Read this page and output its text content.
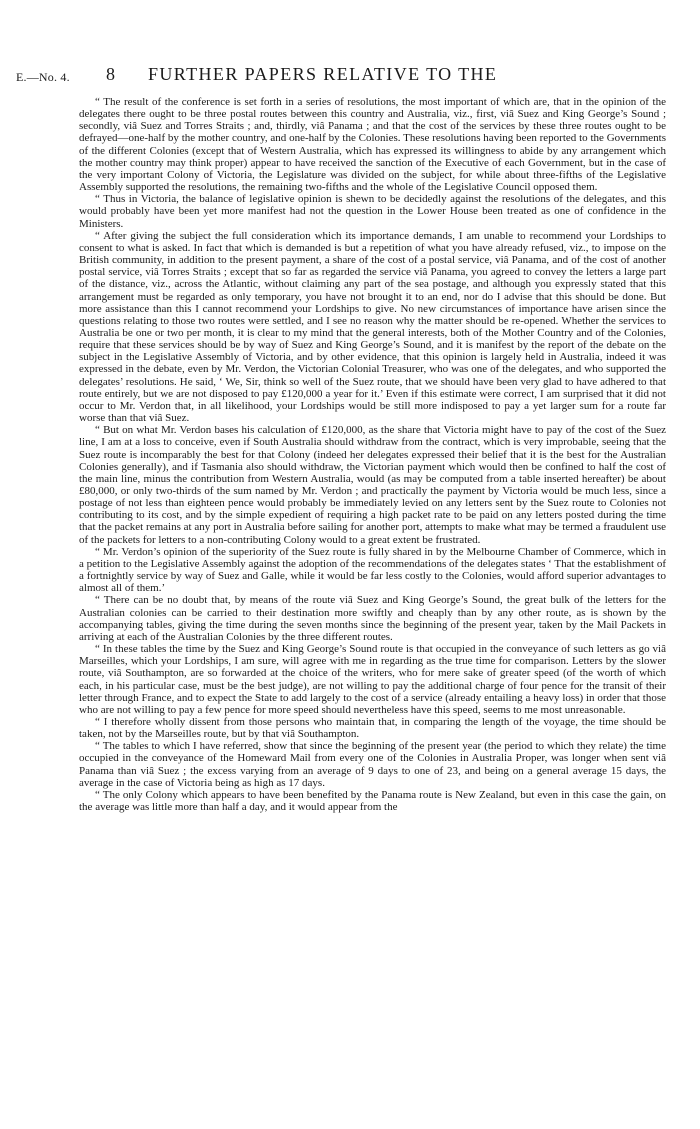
E.—No. 4. 8 FURTHER PAPERS RELATIVE TO THE

“ The result of the conference is set forth in a series of resolutions, the most important of which are, that in the opinion of the delegates there ought to be three postal routes between this country and Australia, viz., first, viâ Suez and King George’s Sound ; secondly, viâ Suez and Torres Straits ; and, thirdly, viâ Panama ; and that the cost of the services by these three routes ought to be defrayed—one-half by the mother country, and one-half by the Colonies. These resolutions having been reported to the Governments of the different Colonies (except that of Western Australia, which has expressed its willingness to abide by any arrangement which the mother country may think proper) appear to have received the sanction of the Executive of each Government, but in the case of the very important Colony of Victoria, the Legislature was divided on the subject, for while about three-fifths of the Legislative Assembly supported the resolutions, the remaining two-fifths and the whole of the Legislative Council opposed them.

“ Thus in Victoria, the balance of legislative opinion is shewn to be decidedly against the resolutions of the delegates, and this would probably have been yet more manifest had not the question in the Lower House been treated as one of confidence in the Ministers.

“ After giving the subject the full consideration which its importance demands, I am unable to recommend your Lordships to consent to what is asked. In fact that which is demanded is but a repetition of what you have already refused, viz., to impose on the British community, in addition to the present payment, a share of the cost of a postal service, viâ Panama, and of the cost of another postal service, viâ Torres Straits ; except that so far as regarded the service viâ Panama, you agreed to convey the letters a large part of the distance, viz., across the Atlantic, without claiming any part of the sea postage, and although you expressly stated that this arrangement must be regarded as only temporary, you have not brought it to an end, nor do I advise that this should be done. But more assistance than this I cannot recommend your Lordships to give. No new circumstances of importance have arisen since the questions relating to those two routes were settled, and I see no reason why the matter should be re-opened. Whether the services to Australia be one or two per month, it is clear to my mind that the general interests, both of the Mother Country and of the Colonies, require that these services should be by way of Suez and King George’s Sound, and it is manifest by the report of the debate on the subject in the Legislative Assembly of Victoria, and by other evidence, that this opinion is largely held in Australia, indeed it was expressed in the debate, even by Mr. Verdon, the Victorian Colonial Treasurer, who was one of the delegates, and who supported the delegates’ resolutions. He said, ‘ We, Sir, think so well of the Suez route, that we should have been very glad to have adhered to that route entirely, but we are not disposed to pay £120,000 a year for it.’ Even if this estimate were correct, I am surprised that it did not occur to Mr. Verdon that, in all likelihood, your Lordships would be still more indisposed to pay a yet larger sum for a route far worse than that viâ Suez.

“ But on what Mr. Verdon bases his calculation of £120,000, as the share that Victoria might have to pay of the cost of the Suez line, I am at a loss to conceive, even if South Australia should withdraw from the contract, which is very improbable, seeing that the Suez route is incomparably the best for that Colony (indeed her delegates expressed their belief that it is the best for the Australian Colonies generally), and if Tasmania also should withdraw, the Victorian payment which would then be confined to half the cost of the main line, minus the contribution from Western Australia, would (as may be computed from a table inserted hereafter) be about £80,000, or only two-thirds of the sum named by Mr. Verdon ; and practically the payment by Victoria would be much less, since a postage of not less than eighteen pence would probably be immediately levied on any letters sent by the Suez route to Colonies not contributing to its cost, and by the simple expedient of requiring a high packet rate to be paid on any letters posted during the time that the packet remains at any port in Australia before sailing for another port, attempts to make what may be termed a fraudulent use of the packets for letters to a non-contributing Colony would to a great extent be frustrated.

“ Mr. Verdon’s opinion of the superiority of the Suez route is fully shared in by the Melbourne Chamber of Commerce, which in a petition to the Legislative Assembly against the adoption of the recommendations of the delegates states ‘ That the establishment of a fortnightly service by way of Suez and Galle, while it would be far less costly to the Colonies, would afford superior advantages to almost all of them.’

“ There can be no doubt that, by means of the route viâ Suez and King George’s Sound, the great bulk of the letters for the Australian colonies can be carried to their destination more swiftly and cheaply than by any other route, as is shown by the accompanying tables, giving the time during the seven months since the beginning of the present year, taken by the Mail Packets in arriving at each of the Australian Colonies by the three different routes.

“ In these tables the time by the Suez and King George’s Sound route is that occupied in the conveyance of such letters as go viâ Marseilles, which your Lordships, I am sure, will agree with me in regarding as the true time for comparison. Letters by the slower route, viâ Southampton, are so forwarded at the choice of the writers, who for mere sake of greater speed (of the worth of which each, in his particular case, must be the best judge), are not willing to pay the additional charge of four pence for the transit of their letter through France, and to expect the State to add largely to the cost of a service (already entailing a heavy loss) in order that those who are not willing to pay a few pence for more speed should nevertheless have this speed, seems to me most unreasonable.

“ I therefore wholly dissent from those persons who maintain that, in comparing the length of the voyage, the time should be taken, not by the Marseilles route, but by that viâ Southampton.

“ The tables to which I have referred, show that since the beginning of the present year (the period to which they relate) the time occupied in the conveyance of the Homeward Mail from every one of the Colonies in Australia Proper, was longer when sent viâ Panama than viâ Suez ; the excess varying from an average of 9 days to one of 23, and being on a general average 15 days, the average in the case of Victoria being as high as 17 days.

“ The only Colony which appears to have been benefited by the Panama route is New Zealand, but even in this case the gain, on the average was little more than half a day, and it would appear from the
